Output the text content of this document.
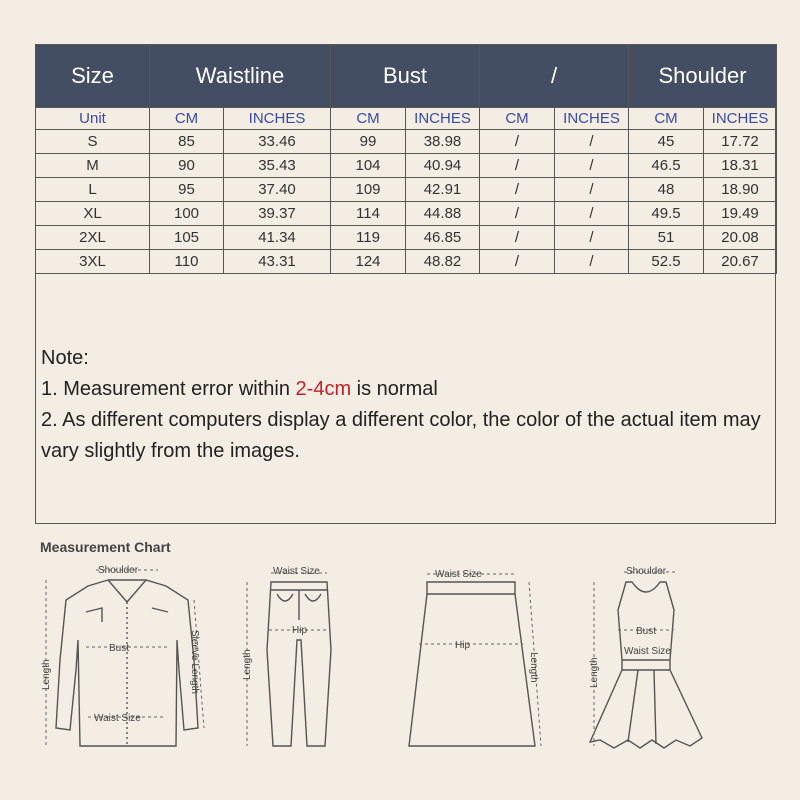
Size	Waistline		Bust		/		Shoulder	
Unit	CM	INCHES	CM	INCHES	CM	INCHES	CM	INCHES
S	85	33.46	99	38.98	/	/	45	17.72
M	90	35.43	104	40.94	/	/	46.5	18.31
L	95	37.40	109	42.91	/	/	48	18.90
XL	100	39.37	114	44.88	/	/	49.5	19.49
2XL	105	41.34	119	46.85	/	/	51	20.08
3XL	110	43.31	124	48.82	/	/	52.5	20.67
Note:
1. Measurement error within 2-4cm is normal
2. As different computers display a different color, the color of the actual item may vary slightly from the images.
Measurement Chart
Shoulder
Bust
Waist Size
Length	Sleeve Length
Waist Size
Hip
Length
Waist Size
Hip
Length
Shoulder
Bust
Waist Size
Length
